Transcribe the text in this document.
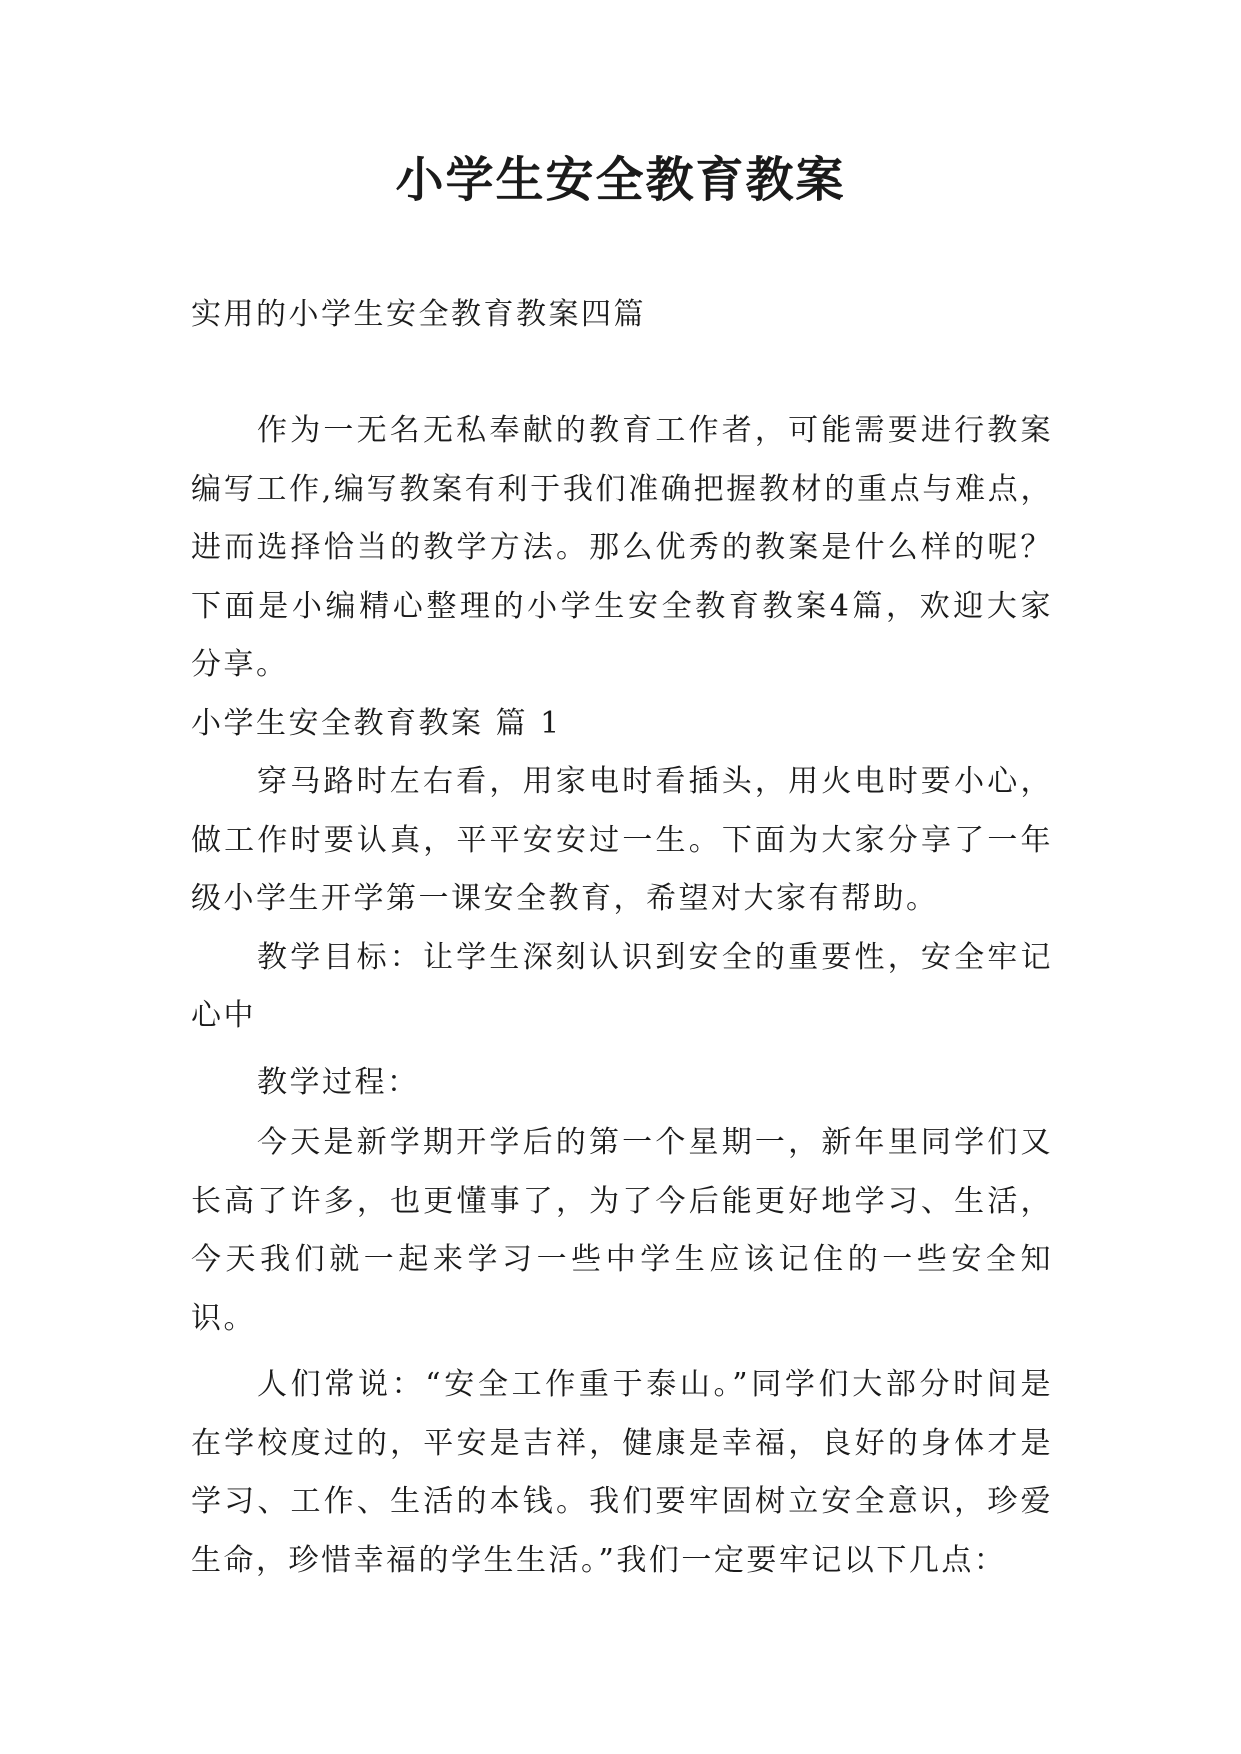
小学生安全教育教案

实用的小学生安全教育教案四篇

作为一无名无私奉献的教育工作者，可能需要进行教案编写工作,编写教案有利于我们准确把握教材的重点与难点，进而选择恰当的教学方法。那么优秀的教案是什么样的呢？下面是小编精心整理的小学生安全教育教案4篇，欢迎大家分享。

小学生安全教育教案 篇 1

穿马路时左右看，用家电时看插头，用火电时要小心，做工作时要认真，平平安安过一生。下面为大家分享了一年级小学生开学第一课安全教育，希望对大家有帮助。

教学目标：让学生深刻认识到安全的重要性，安全牢记心中

教学过程：

今天是新学期开学后的第一个星期一，新年里同学们又长高了许多，也更懂事了，为了今后能更好地学习、生活，今天我们就一起来学习一些中学生应该记住的一些安全知识。

人们常说：“安全工作重于泰山。”同学们大部分时间是在学校度过的，平安是吉祥，健康是幸福，良好的身体才是学习、工作、生活的本钱。我们要牢固树立安全意识，珍爱生命，珍惜幸福的学生生活。”我们一定要牢记以下几点：
